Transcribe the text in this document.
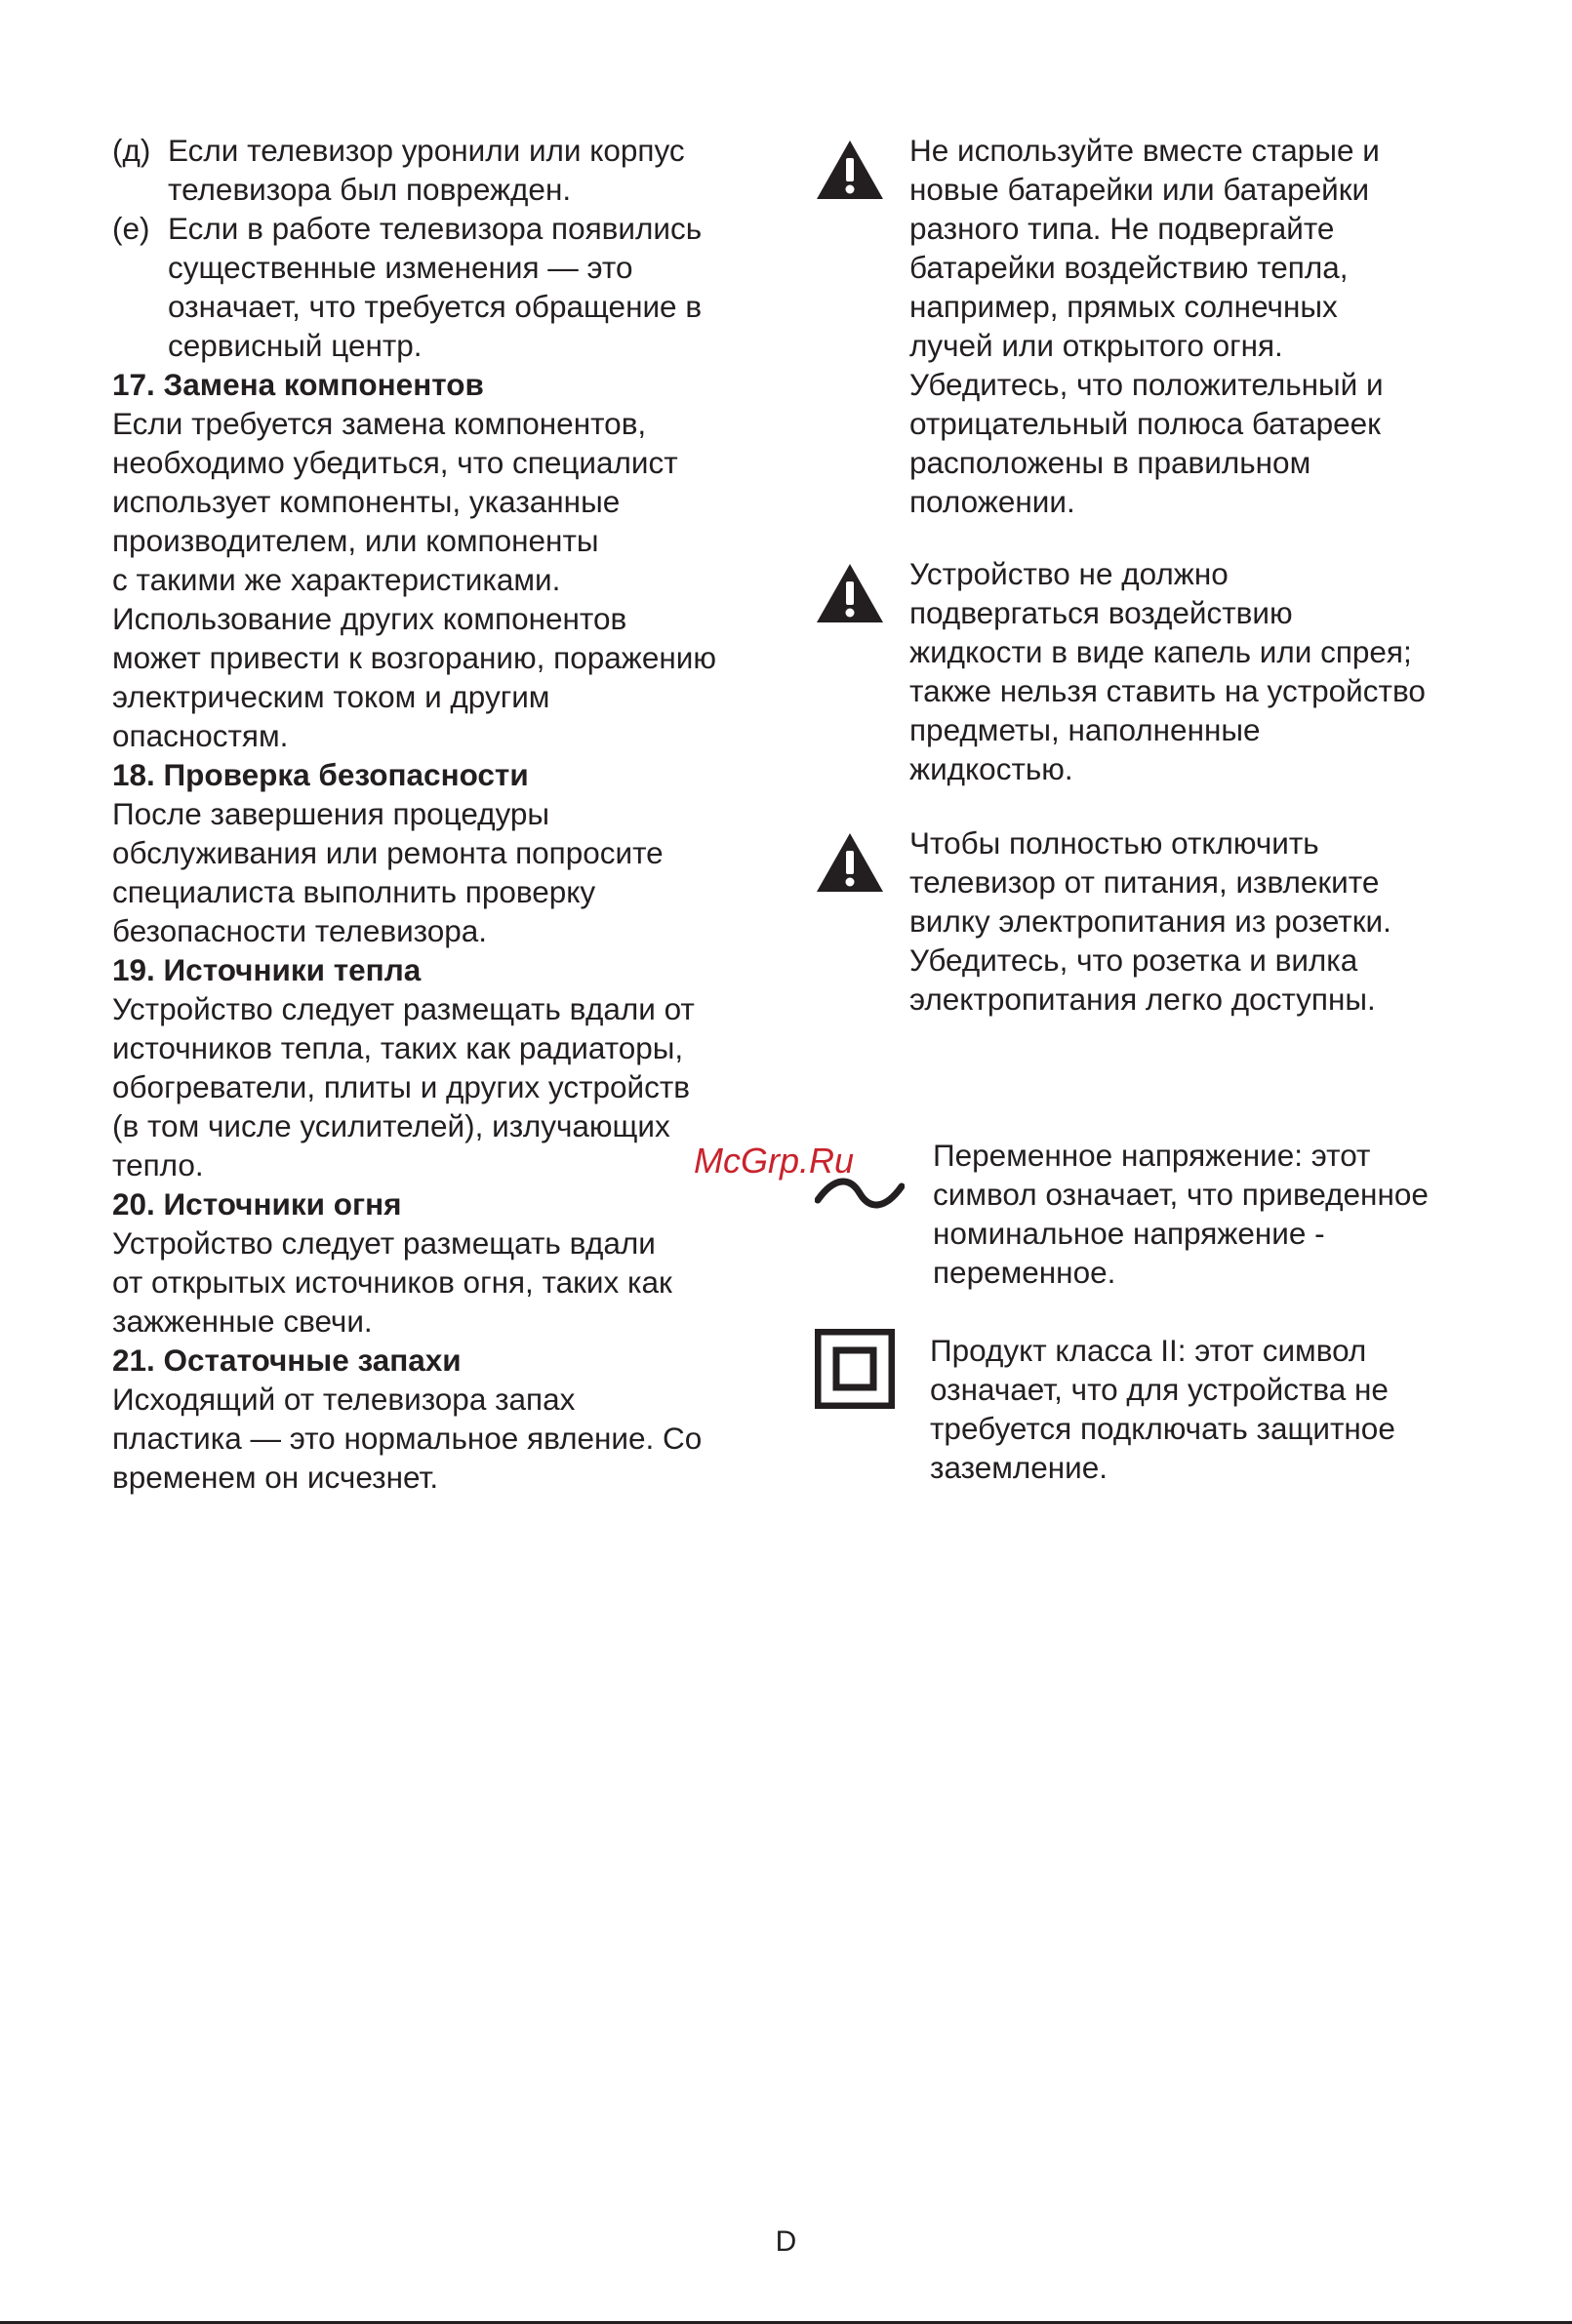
(д) Если телевизор уронили или корпус

телевизора был поврежден.

(е) Если в работе телевизора появились

существенные изменения — это

означает, что требуется обращение в

сервисный центр.

17. Замена компонентов

Если требуется замена компонентов,

необходимо убедиться, что специалист

использует компоненты, указанные

производителем, или компоненты

с такими же характеристиками.

Использование других компонентов

может привести к возгоранию, поражению

электрическим током и другим

опасностям.

18. Проверка безопасности

После завершения процедуры

обслуживания или ремонта попросите

специалиста выполнить проверку

безопасности телевизора.

19. Источники тепла

Устройство следует размещать вдали от

источников тепла, таких как радиаторы,

обогреватели, плиты и других устройств

(в том числе усилителей), излучающих

тепло.

20. Источники огня

Устройство следует размещать вдали

от открытых источников огня, таких как

зажженные свечи.

21. Остаточные запахи

Исходящий от телевизора запах

пластика — это нормальное явление. Со

временем он исчезнет.

Не используйте вместе старые и

новые батарейки или батарейки

разного типа. Не подвергайте

батарейки воздействию тепла,

например, прямых солнечных

лучей или открытого огня.

Убедитесь, что положительный и

отрицательный полюса батареек

расположены в правильном

положении.

Устройство не должно

подвергаться воздействию

жидкости в виде капель или спрея;

также нельзя ставить на устройство

предметы, наполненные

жидкостью.

Чтобы полностью отключить

телевизор от питания, извлеките

вилку электропитания из розетки.

Убедитесь, что розетка и вилка

электропитания легко доступны.

Переменное напряжение: этот

символ означает, что приведенное

номинальное напряжение -

переменное.

Продукт класса II: этот символ

означает, что для устройства не

требуется подключать защитное

заземление.

McGrp.Ru
D
